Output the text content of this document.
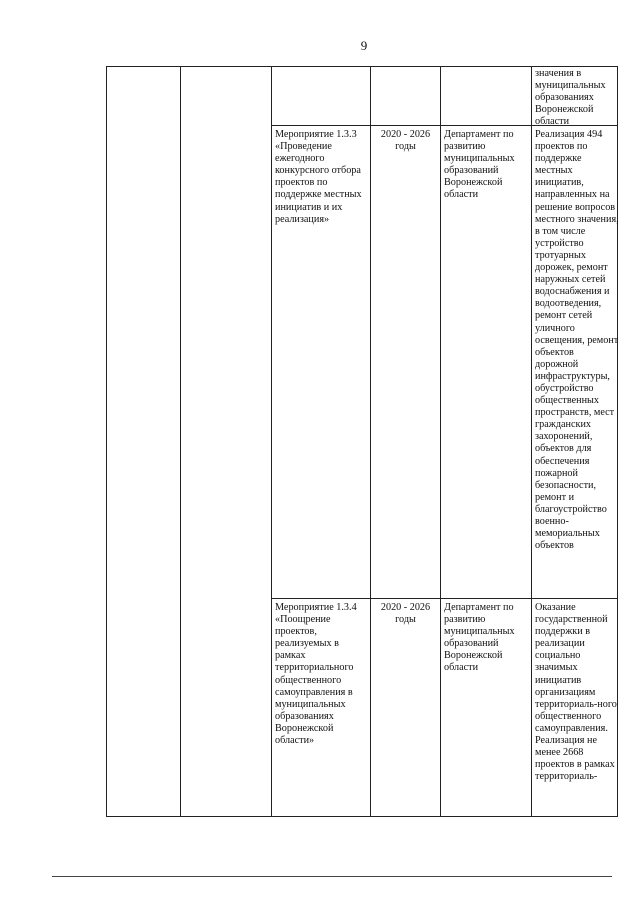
9
значения в муниципальных образованиях Воронежской области
Мероприятие 1.3.3 «Проведение ежегодного конкурсного отбора проектов по поддержке местных инициатив и их реализация»
2020 - 2026 годы
Департамент по развитию муниципальных образований Воронежской области
Реализация 494 проектов по поддержке местных инициатив, направленных на решение вопросов местного значения, в том числе устройство тротуарных дорожек, ремонт наружных сетей водоснабжения и водоотведения, ремонт сетей уличного освещения, ремонт объектов дорожной инфраструктуры, обустройство общественных пространств, мест гражданских захоронений, объектов для обеспечения пожарной безопасности, ремонт и благоустройство военно-мемориальных объектов
Мероприятие 1.3.4 «Поощрение проектов, реализуемых в рамках территориального общественного самоуправления в муниципальных образованиях Воронежской области»
2020 - 2026 годы
Департамент по развитию муниципальных образований Воронежской области
Оказание государственной поддержки в реализации социально значимых инициатив организациям территориаль-ного общественного самоуправления. Реализация не менее 2668 проектов в рамках территориаль-
